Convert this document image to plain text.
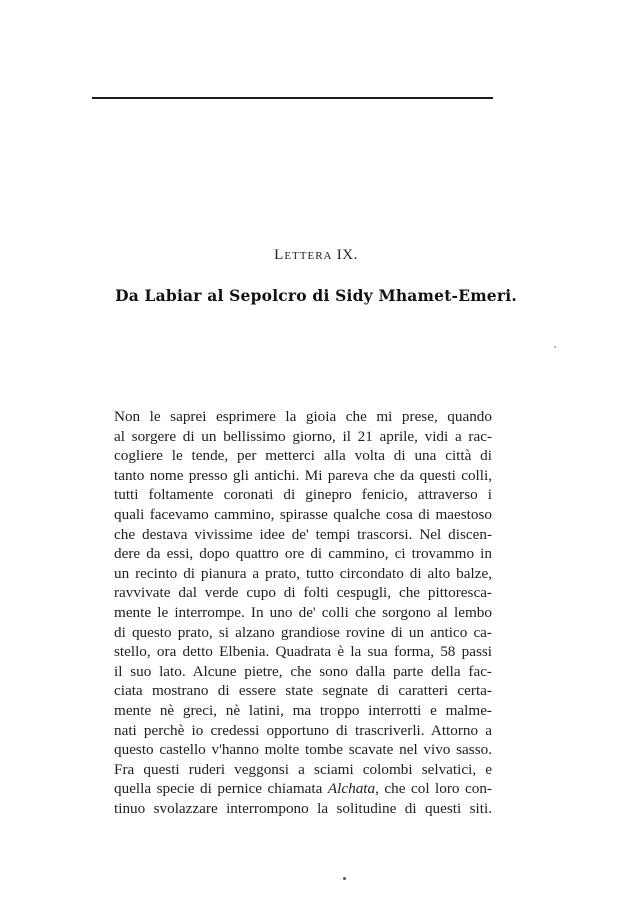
Lettera IX.
Da Labiar al Sepolcro di Sidy Mhamet-Emeri.
Non le saprei esprimere la gioia che mi prese, quando
al sorgere di un bellissimo giorno, il 21 aprile, vidi a rac-
cogliere le tende, per metterci alla volta di una città di
tanto nome presso gli antichi. Mi pareva che da questi colli,
tutti foltamente coronati di ginepro fenicio, attraverso i
quali facevamo cammino, spirasse qualche cosa di maestoso
che destava vivissime idee de' tempi trascorsi. Nel discen-
dere da essi, dopo quattro ore di cammino, ci trovammo in
un recinto di pianura a prato, tutto circondato di alto balze,
ravvivate dal verde cupo di folti cespugli, che pittoresca-
mente le interrompe. In uno de' colli che sorgono al lembo
di questo prato, si alzano grandiose rovine di un antico ca-
stello, ora detto Elbenia. Quadrata è la sua forma, 58 passi
il suo lato. Alcune pietre, che sono dalla parte della fac-
ciata mostrano di essere state segnate di caratteri certa-
mente nè greci, nè latini, ma troppo interrotti e malme-
nati perchè io credessi opportuno di trascriverli. Attorno a
questo castello v'hanno molte tombe scavate nel vivo sasso.
Fra questi ruderi veggonsi a sciami colombi selvatici, e
quella specie di pernice chiamata Alchata, che col loro con-
tinuo svolazzare interrompono la solitudine di questi siti.
